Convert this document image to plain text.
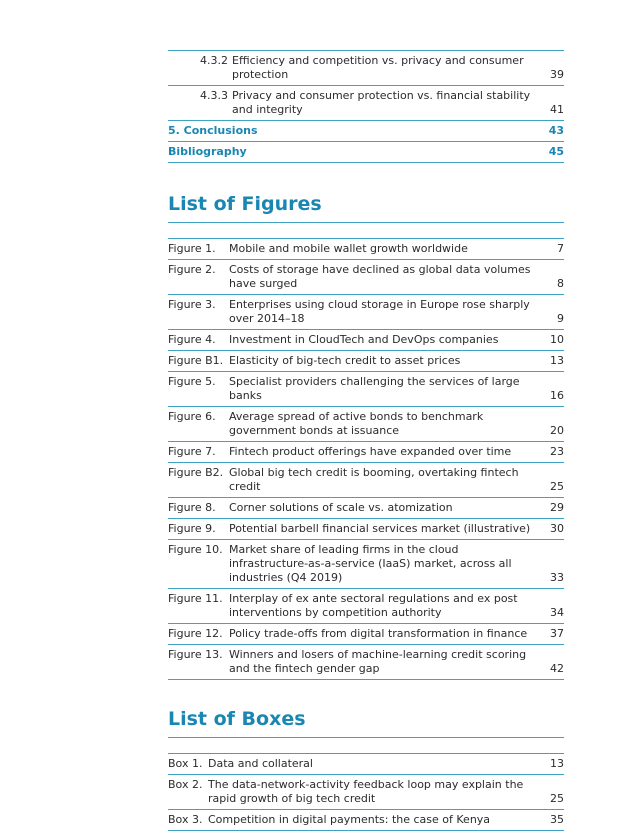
4.3.2 Efficiency and competition vs. privacy and consumer protection	39
4.3.3 Privacy and consumer protection vs. financial stability and integrity	41
5. Conclusions	43
Bibliography	45
List of Figures
Figure 1. Mobile and mobile wallet growth worldwide	7
Figure 2. Costs of storage have declined as global data volumes have surged	8
Figure 3. Enterprises using cloud storage in Europe rose sharply over 2014–18	9
Figure 4. Investment in CloudTech and DevOps companies	10
Figure B1. Elasticity of big-tech credit to asset prices	13
Figure 5. Specialist providers challenging the services of large banks	16
Figure 6. Average spread of active bonds to benchmark government bonds at issuance	20
Figure 7. Fintech product offerings have expanded over time	23
Figure B2. Global big tech credit is booming, overtaking fintech credit	25
Figure 8. Corner solutions of scale vs. atomization	29
Figure 9. Potential barbell financial services market (illustrative)	30
Figure 10. Market share of leading firms in the cloud infrastructure-as-a-service (IaaS) market, across all industries (Q4 2019)	33
Figure 11. Interplay of ex ante sectoral regulations and ex post interventions by competition authority	34
Figure 12. Policy trade-offs from digital transformation in finance	37
Figure 13. Winners and losers of machine-learning credit scoring and the fintech gender gap	42
List of Boxes
Box 1. Data and collateral	13
Box 2. The data-network-activity feedback loop may explain the rapid growth of big tech credit	25
Box 3. Competition in digital payments: the case of Kenya	35
